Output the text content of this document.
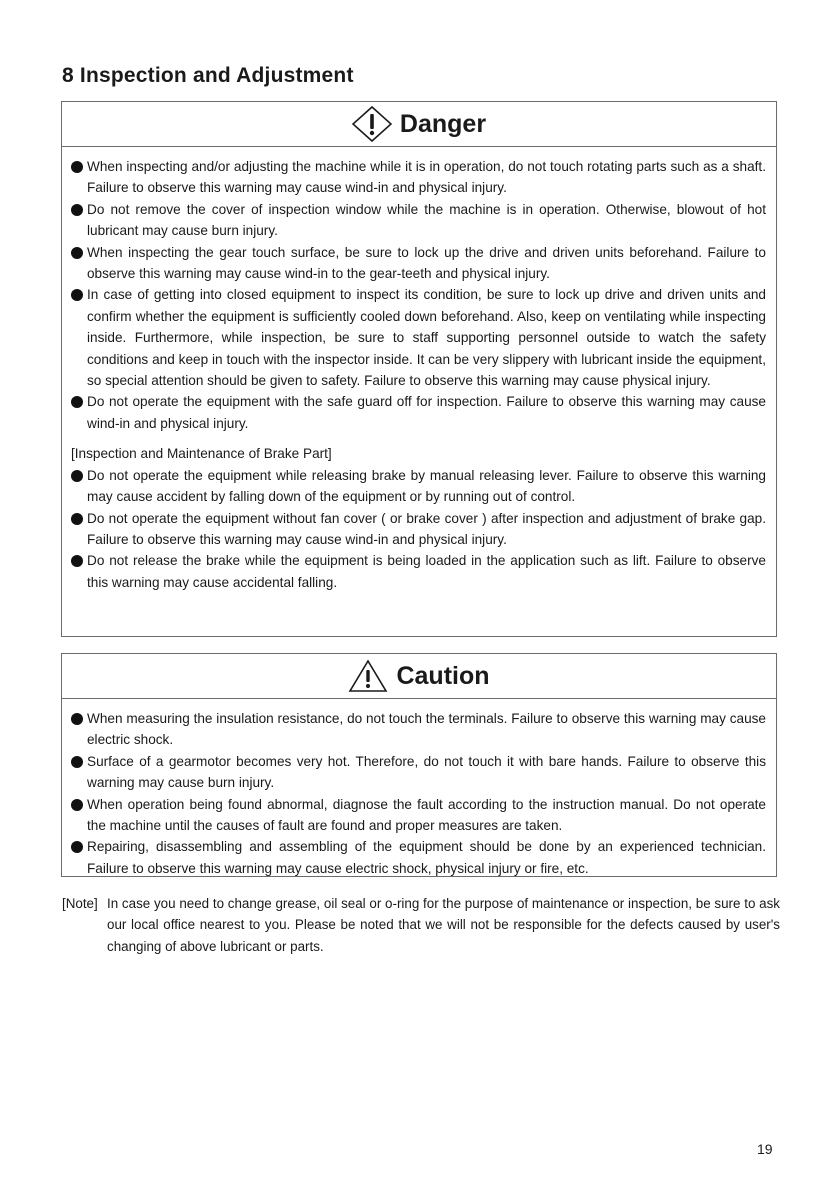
8 Inspection and Adjustment
Danger
When inspecting and/or adjusting the machine while it is in operation, do not touch rotating parts such as a shaft. Failure to observe this warning may cause wind-in and physical injury.
Do not remove the cover of inspection window while the machine is in operation. Otherwise, blowout of hot lubricant may cause burn injury.
When inspecting the gear touch surface, be sure to lock up the drive and driven units beforehand. Failure to observe this warning may cause wind-in to the gear-teeth and physical injury.
In case of getting into closed equipment to inspect its condition, be sure to lock up drive and driven units and confirm whether the equipment is sufficiently cooled down beforehand. Also, keep on ventilating while inspecting inside. Furthermore, while inspection, be sure to staff supporting personnel outside to watch the safety conditions and keep in touch with the inspector inside. It can be very slippery with lubricant inside the equipment, so special attention should be given to safety. Failure to observe this warning may cause physical injury.
Do not operate the equipment with the safe guard off for inspection. Failure to observe this warning may cause wind-in and physical injury.
[Inspection and Maintenance of Brake Part]
Do not operate the equipment while releasing brake by manual releasing lever. Failure to observe this warning may cause accident by falling down of the equipment or by running out of control.
Do not operate the equipment without fan cover ( or brake cover ) after inspection and adjustment of brake gap. Failure to observe this warning may cause wind-in and physical injury.
Do not release the brake while the equipment is being loaded in the application such as lift. Failure to observe this warning may cause accidental falling.
Caution
When measuring the insulation resistance, do not touch the terminals. Failure to observe this warning may cause electric shock.
Surface of a gearmotor becomes very hot. Therefore, do not touch it with bare hands. Failure to observe this warning may cause burn injury.
When operation being found abnormal, diagnose the fault according to the instruction manual. Do not operate the machine until the causes of fault are found and proper measures are taken.
Repairing, disassembling and assembling of the equipment should be done by an experienced technician. Failure to observe this warning may cause electric shock, physical injury or fire, etc.
[Note] In case you need to change grease, oil seal or o-ring for the purpose of maintenance or inspection, be sure to ask our local office nearest to you. Please be noted that we will not be responsible for the defects caused by user's changing of above lubricant or parts.
19
